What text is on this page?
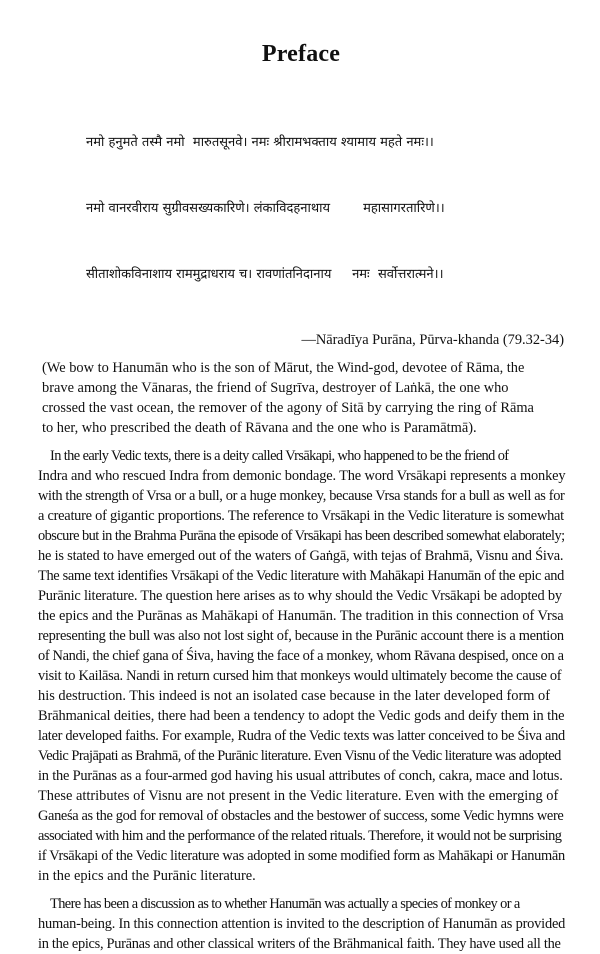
Preface

नमो हनुमते तस्मै नमो  मारुतसूनवे। नमः श्रीरामभक्ताय श्यामाय महते नमः।।

नमो वानरवीराय सुग्रीवसख्यकारिणे। लंकाविदहनाथाय        महासागरतारिणे।।

सीताशोकविनाशाय राममुद्राधराय च। रावणांतनिदानाय     नमः  सर्वोत्तरात्मने।।

—Nāradīya Purāna, Pūrva-khanda (79.32-34)
(We bow to Hanumān who is the son of Mārut, the Wind-god, devotee of Rāma, the
brave among the Vānaras, the friend of Sugrīva, destroyer of Laṅkā, the one who
crossed the vast ocean, the remover of the agony of Sitā by carrying the ring of Rāma
to her, who prescribed the death of Rāvana and the one who is Paramātmā).
In the early Vedic texts, there is a deity called Vrsākapi, who happened to be the friend of
Indra and who rescued Indra from demonic bondage. The word Vrsākapi represents a monkey
with the strength of Vrsa or a bull, or a huge monkey, because Vrsa stands for a bull as well as for
a creature of gigantic proportions. The reference to Vrsākapi in the Vedic literature is somewhat
obscure but in the Brahma Purāna the episode of Vrsākapi has been described somewhat elaborately;
he is stated to have emerged out of the waters of Gaṅgā, with tejas of Brahmā, Visnu and Śiva.
The same text identifies Vrsākapi of the Vedic literature with Mahākapi Hanumān of the epic and
Purānic literature. The question here arises as to why should the Vedic Vrsākapi be adopted by
the epics and the Purānas as Mahākapi of Hanumān. The tradition in this connection of Vrsa
representing the bull was also not lost sight of, because in the Purānic account there is a mention
of Nandi, the chief gana of Śiva, having the face of a monkey, whom Rāvana despised, once on a
visit to Kailāsa. Nandi in return cursed him that monkeys would ultimately become the cause of
his destruction. This indeed is not an isolated case because in the later developed form of
Brāhmanical deities, there had been a tendency to adopt the Vedic gods and deify them in the
later developed faiths. For example, Rudra of the Vedic texts was latter conceived to be Śiva and
Vedic Prajāpati as Brahmā, of the Purānic literature. Even Visnu of the Vedic literature was adopted
in the Purānas as a four-armed god having his usual attributes of conch, cakra, mace and lotus.
These attributes of Visnu are not present in the Vedic literature. Even with the emerging of
Ganeśa as the god for removal of obstacles and the bestower of success, some Vedic hymns were
associated with him and the performance of the related rituals. Therefore, it would not be surprising
if Vrsākapi of the Vedic literature was adopted in some modified form as Mahākapi or Hanumān
in the epics and the Purānic literature.
There has been a discussion as to whether Hanumān was actually a species of monkey or a
human-being. In this connection attention is invited to the description of Hanumān as provided
in the epics, Purānas and other classical writers of the Brāhmanical faith. They have used all the
